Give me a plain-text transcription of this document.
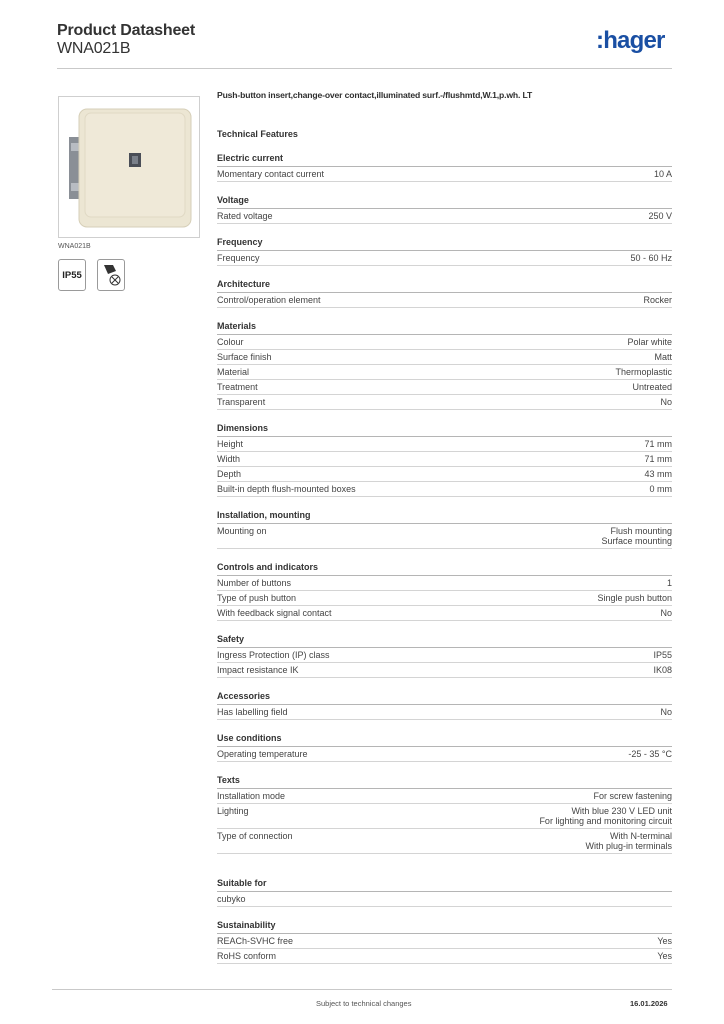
Product Datasheet
WNA021B	:hager
WNA021B
IP55
Push-button insert,change-over contact,illuminated surf.-/flushmtd,W.1,p.wh. LT
Technical Features
Electric current
Momentary contact current	10 A
Voltage
Rated voltage	250 V
Frequency
Frequency	50 - 60 Hz
Architecture
Control/operation element	Rocker
Materials
Colour	Polar white
Surface finish	Matt
Material	Thermoplastic
Treatment	Untreated
Transparent	No
Dimensions
Height	71 mm
Width	71 mm
Depth	43 mm
Built-in depth flush-mounted boxes	0 mm
Installation, mounting
Mounting on	Flush mounting
Surface mounting
Controls and indicators
Number of buttons	1
Type of push button	Single push button
With feedback signal contact	No
Safety
Ingress Protection (IP) class	IP55
Impact resistance IK	IK08
Accessories
Has labelling field	No
Use conditions
Operating temperature	-25 - 35 °C
Texts
Installation mode	For screw fastening
Lighting	With blue 230 V LED unit
For lighting and monitoring circuit
Type of connection	With N-terminal
With plug-in terminals
Suitable for
cubyko
Sustainability
REACh-SVHC free	Yes
RoHS conform	Yes
Subject to technical changes	16.01.2026
